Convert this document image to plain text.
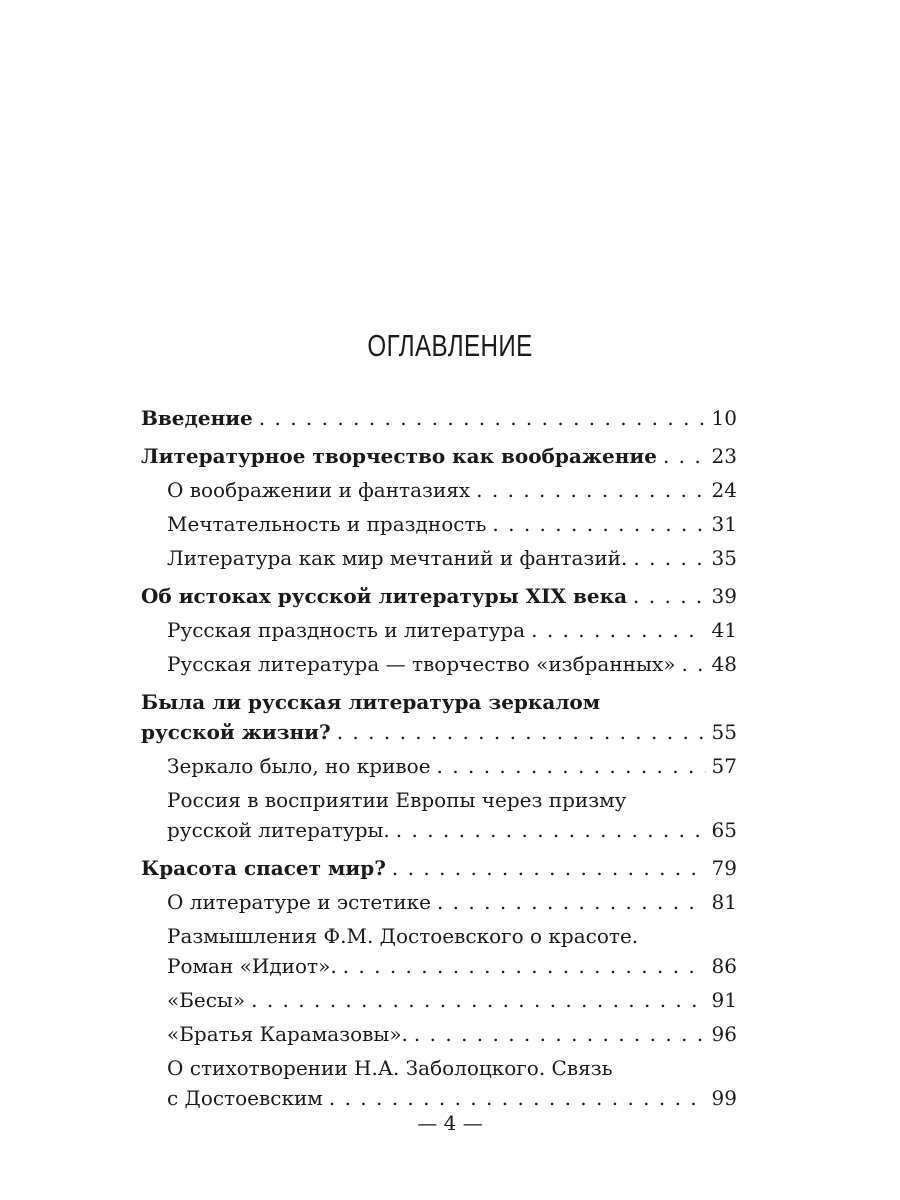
ОГЛАВЛЕНИЕ
Введение . . .	10
Литературное творчество как воображение . . .	23
О воображении и фантазиях . . .	24
Мечтательность и праздность . . .	31
Литература как мир мечтаний и фантазий. . . .	35
Об истоках русской литературы XIX века . . .	39
Русская праздность и литература . . .	41
Русская литература — творчество «избранных» . . .	48
Была ли русская литература зеркалом
русской жизни? . . .	55
Зеркало было, но кривое . . .	57
Россия в восприятии Европы через призму
русской литературы. . . .	65
Красота спасет мир? . . .	79
О литературе и эстетике . . .	81
Размышления Ф.М. Достоевского о красоте.
Роман «Идиот». . . .	86
«Бесы» . . .	91
«Братья Карамазовы». . . .	96
О стихотворении Н.А. Заболоцкого. Связь
с Достоевским . . .	99
— 4 —
